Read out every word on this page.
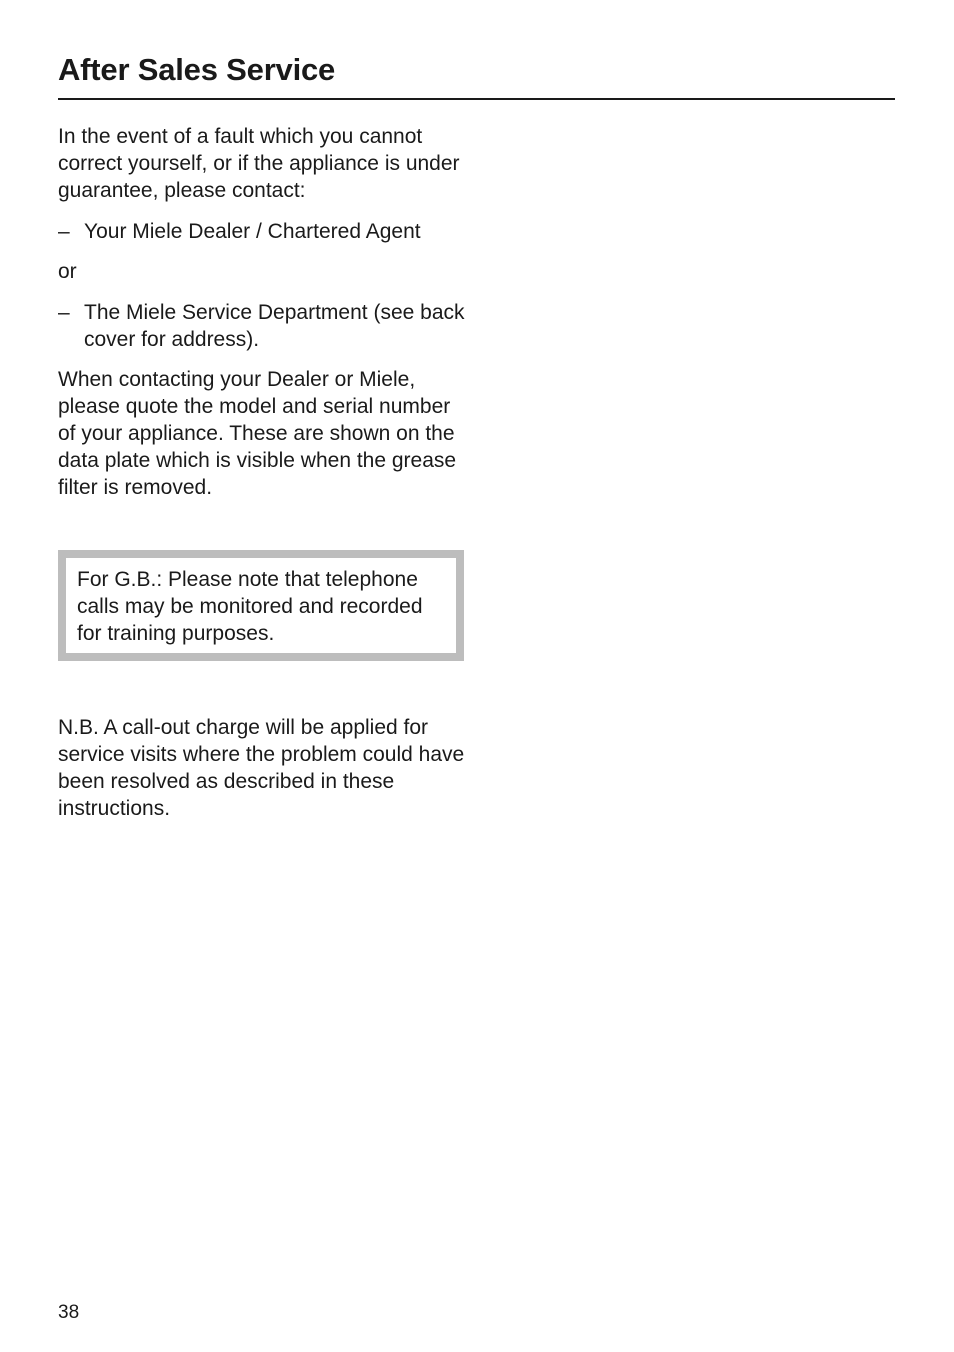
After Sales Service

In the event of a fault which you cannot correct yourself, or if the appliance is under guarantee, please contact:

– Your Miele Dealer / Chartered Agent

or

– The Miele Service Department (see back cover for address).

When contacting your Dealer or Miele, please quote the model and serial number of your appliance. These are shown on the data plate which is visible when the grease filter is removed.

For G.B.: Please note that telephone calls may be monitored and recorded for training purposes.

N.B. A call-out charge will be applied for service visits where the problem could have been resolved as described in these instructions.

38
